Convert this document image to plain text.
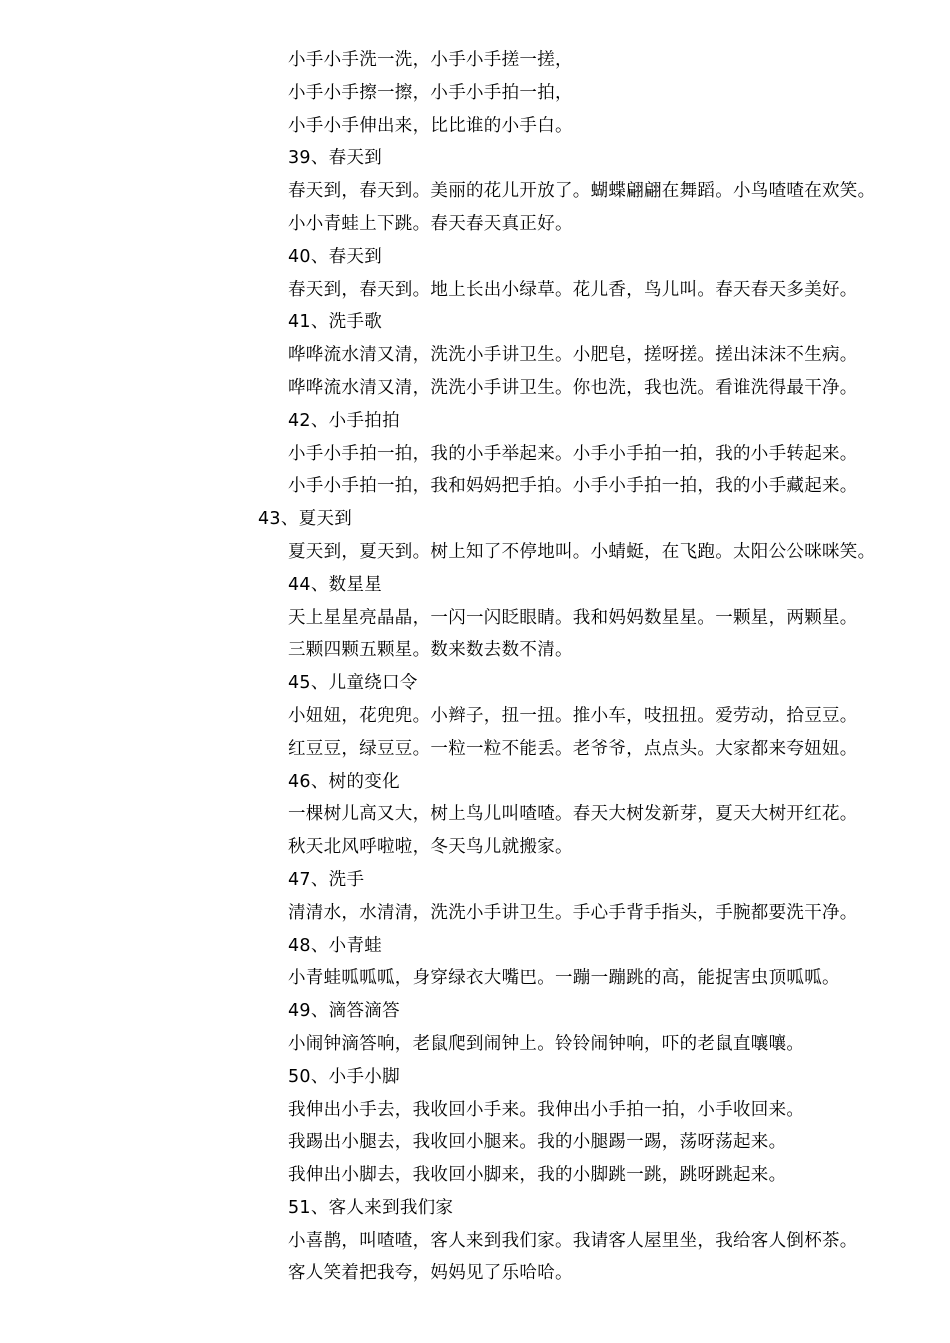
小手小手洗一洗，小手小手搓一搓，
小手小手擦一擦，小手小手拍一拍，
小手小手伸出来，比比谁的小手白。
39、春天到
春天到，春天到。美丽的花儿开放了。蝴蝶翩翩在舞蹈。小鸟喳喳在欢笑。
小小青蛙上下跳。春天春天真正好。
40、春天到
春天到，春天到。地上长出小绿草。花儿香，鸟儿叫。春天春天多美好。
41、洗手歌
哗哗流水清又清，洗洗小手讲卫生。小肥皂，搓呀搓。搓出沫沫不生病。
哗哗流水清又清，洗洗小手讲卫生。你也洗，我也洗。看谁洗得最干净。
42、小手拍拍
小手小手拍一拍，我的小手举起来。小手小手拍一拍，我的小手转起来。
小手小手拍一拍，我和妈妈把手拍。小手小手拍一拍，我的小手藏起来。
43、夏天到
夏天到，夏天到。树上知了不停地叫。小蜻蜓，在飞跑。太阳公公咪咪笑。
44、数星星
天上星星亮晶晶，一闪一闪眨眼睛。我和妈妈数星星。一颗星，两颗星。
三颗四颗五颗星。数来数去数不清。
45、儿童绕口令
小妞妞，花兜兜。小辫子，扭一扭。推小车，吱扭扭。爱劳动，拾豆豆。
红豆豆，绿豆豆。一粒一粒不能丢。老爷爷，点点头。大家都来夸妞妞。
46、树的变化
一棵树儿高又大，树上鸟儿叫喳喳。春天大树发新芽，夏天大树开红花。
秋天北风呼啦啦，冬天鸟儿就搬家。
47、洗手
清清水，水清清，洗洗小手讲卫生。手心手背手指头，手腕都要洗干净。
48、小青蛙
小青蛙呱呱呱，身穿绿衣大嘴巴。一蹦一蹦跳的高，能捉害虫顶呱呱。
49、滴答滴答
小闹钟滴答响，老鼠爬到闹钟上。铃铃闹钟响，吓的老鼠直嚷嚷。
50、小手小脚
我伸出小手去，我收回小手来。我伸出小手拍一拍，小手收回来。
我踢出小腿去，我收回小腿来。我的小腿踢一踢，荡呀荡起来。
我伸出小脚去，我收回小脚来，我的小脚跳一跳，跳呀跳起来。
51、客人来到我们家
小喜鹊，叫喳喳，客人来到我们家。我请客人屋里坐，我给客人倒杯茶。
客人笑着把我夸，妈妈见了乐哈哈。
